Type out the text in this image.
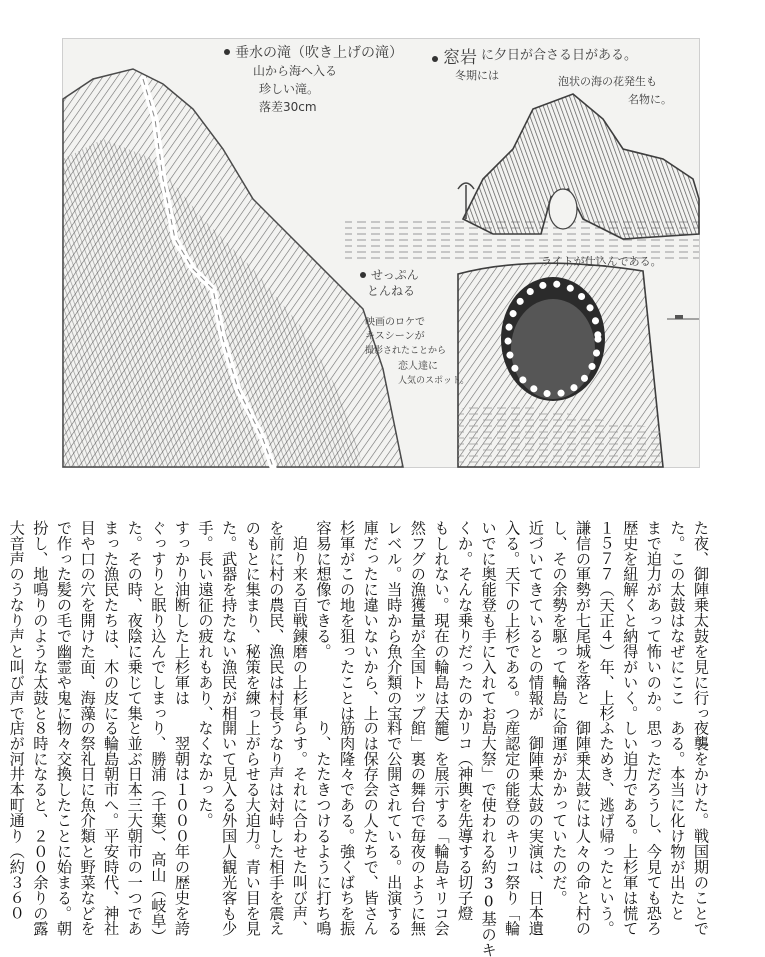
垂水の滝（吹き上げの滝）
山から海へ入る
珍しい滝。
落差30cm
窓岩 に夕日が合さる日がある。
冬期には	泡状の海の花発生も
名物に。
ライトが仕込んである。
せっぷん
とんねる
映画のロケで
キスシーンが
撮影されたことから
恋人達に
人気のスポット。
た夜、御陣乗太鼓を見に行っ
た。この太鼓はなぜにここ
まで迫力があって怖いのか。
歴史を紐解くと納得がいく。
１５７７（天正４）年、上杉
謙信の軍勢が七尾城を落と
し、その余勢を駆って輪島に
近づいてきているとの情報が
入る。天下の上杉である。つ
いでに奥能登も手に入れてお
くか。そんな乗りだったのか
もしれない。現在の輪島は天
然フグの漁獲量が全国トップ
レベル。当時から魚介類の宝
庫だったに違いないから、上
杉軍がこの地を狙ったことは
容易に想像できる。
　迫り来る百戦錬磨の上杉軍
を前に村の農民、漁民は村長
のもとに集まり、秘策を練っ
た。武器を持たない漁民が相
手。長い遠征の疲れもあり、
すっかり油断した上杉軍は
ぐっすりと眠り込んでしまっ
た。その時、夜陰に乗じて集
まった漁民たちは、木の皮に
目や口の穴を開けた面、海藻
で作った髪の毛で幽霊や鬼に
扮し、地鳴りのような太鼓と
大音声のうなり声と叫び声で
夜襲をかけた。戦国期のことで
ある。本当に化け物が出たと
思っただろうし、今見ても恐ろ
しい迫力である。上杉軍は慌て
ふためき、逃げ帰ったという。
御陣乗太鼓には人々の命と村の
命運がかかっていたのだ。
　御陣乗太鼓の実演は、日本遺
産認定の能登のキリコ祭り「輪
島大祭」で使われる約30基のキ
リコ（神輿を先導する切子燈
籠）を展示する「輪島キリコ会
館」裏の舞台で毎夜のように無
料で公開されている。出演する
のは保存会の人たちで、皆さん
筋肉隆々である。強くばちを振
り、たたきつけるように打ち鳴
らす。それに合わせた叫び声、
うなり声は対峙した相手を震え
上がらせる大迫力。青い目を見
開いて見入る外国人観光客も少
なくなかった。
　翌朝は１０００年の歴史を誇
り、勝浦（千葉）、高山（岐阜）
と並ぶ日本三大朝市の一つであ
る輪島朝市へ。平安時代、神社
の祭礼日に魚介類と野菜などを
物々交換したことに始まる。朝
８時になると、２００余りの露
店が河井本町通り（約３６０
